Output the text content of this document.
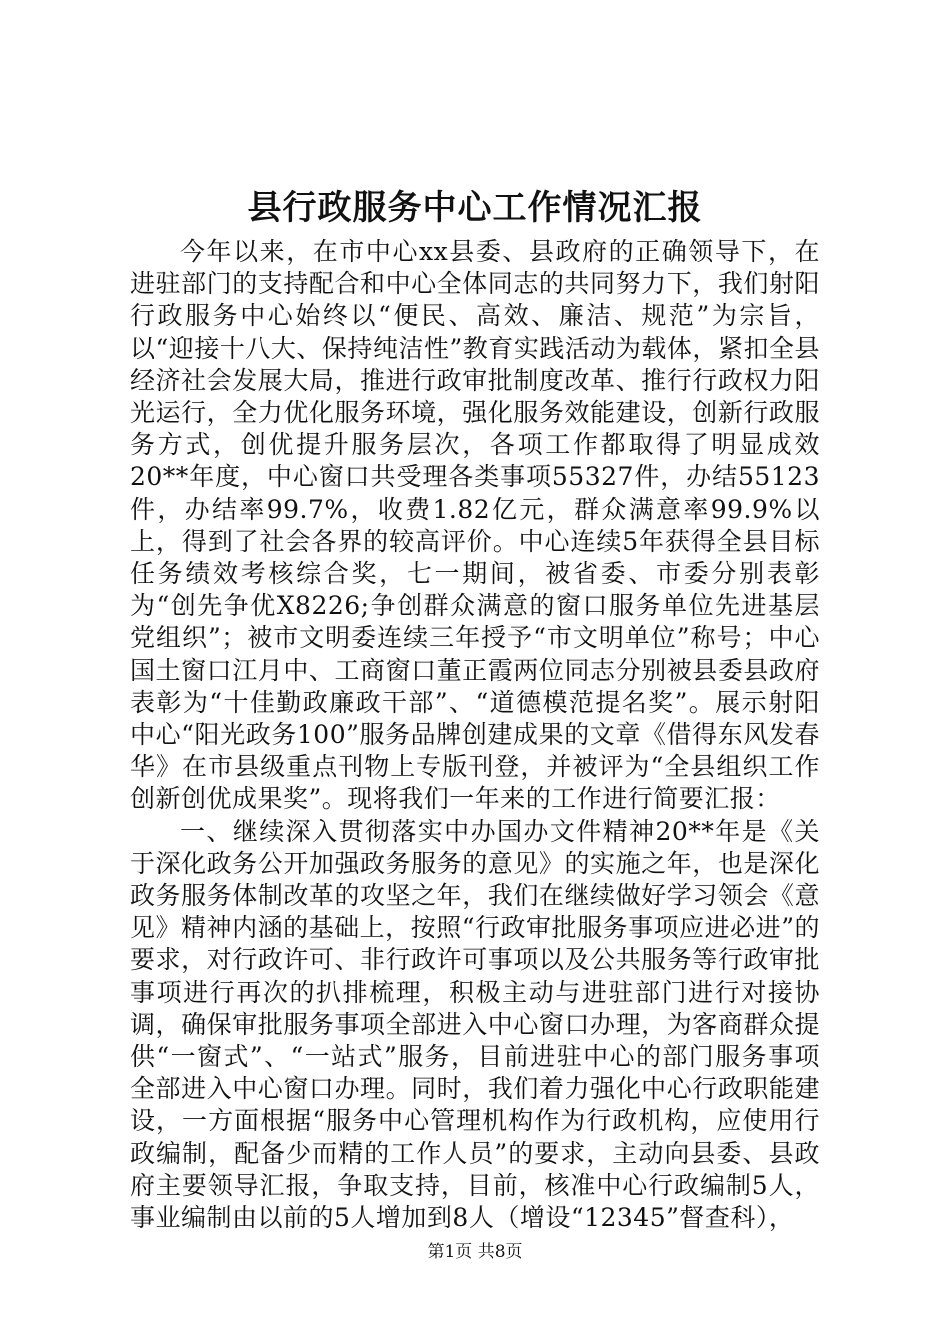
县行政服务中心工作情况汇报

今年以来，在市中心xx县委、县政府的正确领导下，在进驻部门的支持配合和中心全体同志的共同努力下，我们射阳行政服务中心始终以“便民、高效、廉洁、规范”为宗旨，以“迎接十八大、保持纯洁性”教育实践活动为载体，紧扣全县经济社会发展大局，推进行政审批制度改革、推行行政权力阳光运行，全力优化服务环境，强化服务效能建设，创新行政服务方式，创优提升服务层次，各项工作都取得了明显成效20**年度，中心窗口共受理各类事项55327件，办结55123件，办结率99.7%，收费1.82亿元，群众满意率99.9%以上，得到了社会各界的较高评价。中心连续5年获得全县目标任务绩效考核综合奖，七一期间，被省委、市委分别表彰为“创先争优X8226;争创群众满意的窗口服务单位先进基层党组织”；被市文明委连续三年授予“市文明单位”称号；中心国土窗口江月中、工商窗口董正霞两位同志分别被县委县政府表彰为“十佳勤政廉政干部”、“道德模范提名奖”。展示射阳中心“阳光政务100”服务品牌创建成果的文章《借得东风发春华》在市县级重点刊物上专版刊登，并被评为“全县组织工作创新创优成果奖”。现将我们一年来的工作进行简要汇报：

一、继续深入贯彻落实中办国办文件精神20**年是《关于深化政务公开加强政务服务的意见》的实施之年，也是深化政务服务体制改革的攻坚之年，我们在继续做好学习领会《意见》精神内涵的基础上，按照“行政审批服务事项应进必进”的要求，对行政许可、非行政许可事项以及公共服务等行政审批事项进行再次的扒排梳理，积极主动与进驻部门进行对接协调，确保审批服务事项全部进入中心窗口办理，为客商群众提供“一窗式”、“一站式”服务，目前进驻中心的部门服务事项全部进入中心窗口办理。同时，我们着力强化中心行政职能建设，一方面根据“服务中心管理机构作为行政机构，应使用行政编制，配备少而精的工作人员”的要求，主动向县委、县政府主要领导汇报，争取支持，目前，核准中心行政编制5人，事业编制由以前的5人增加到8人（增设“12345”督查科），

第1页 共8页
